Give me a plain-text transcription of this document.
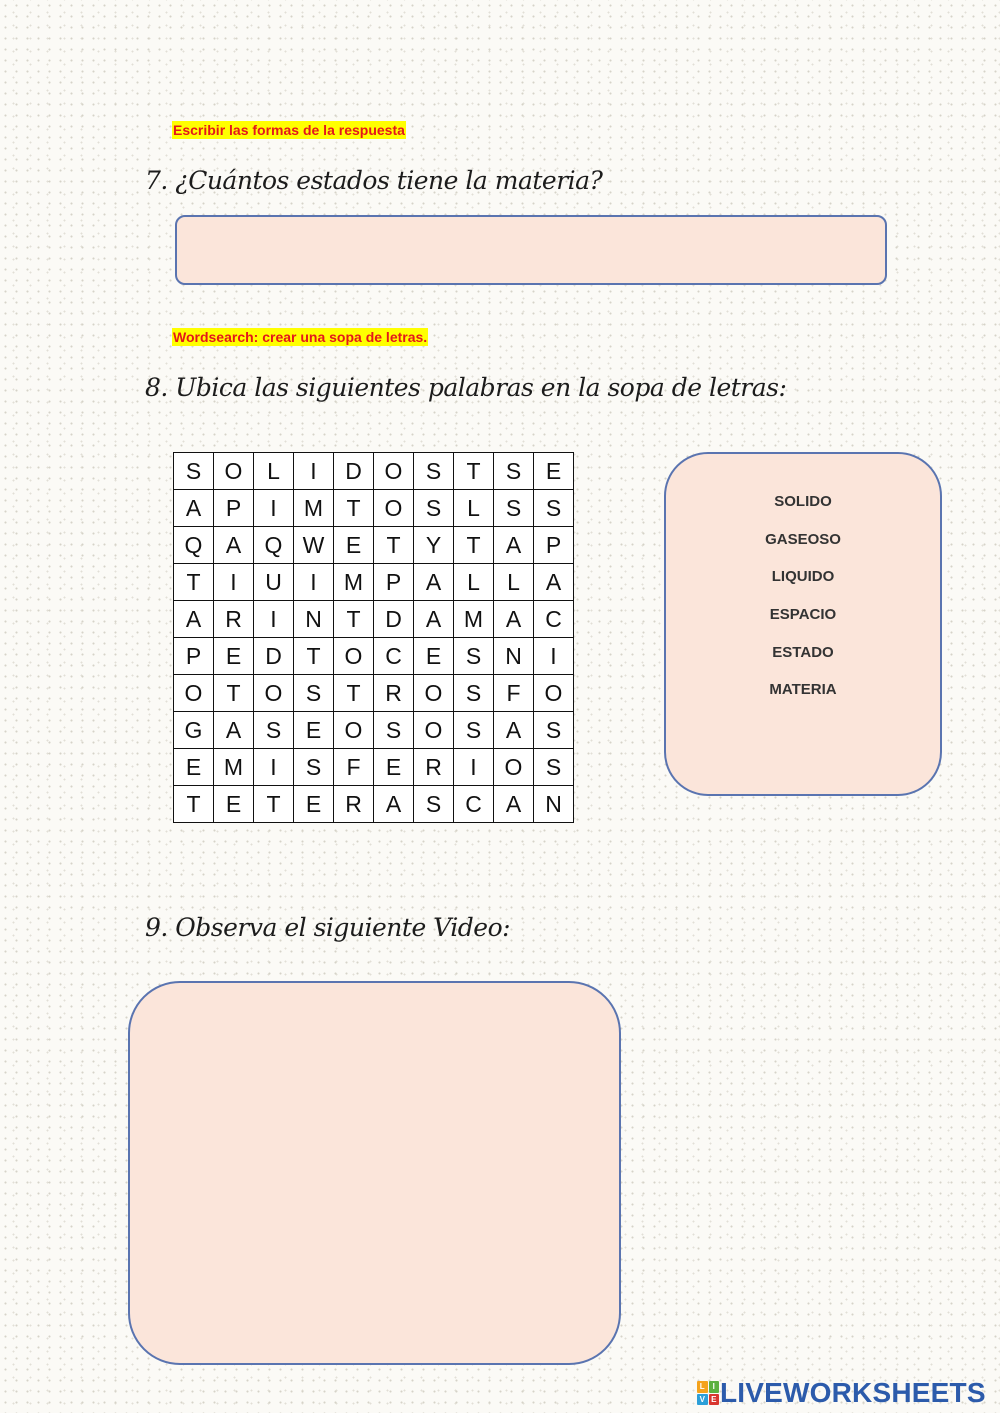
Escribir las formas de la respuesta
7. ¿Cuántos estados tiene la materia?
Wordsearch: crear una sopa de letras.
8. Ubica las siguientes palabras en la sopa de letras:
S	O	L	I	D	O	S	T	S	E
A	P	I	M	T	O	S	L	S	S
Q	A	Q	W	E	T	Y	T	A	P
T	I	U	I	M	P	A	L	L	A
A	R	I	N	T	D	A	M	A	C
P	E	D	T	O	C	E	S	N	I
O	T	O	S	T	R	O	S	F	O
G	A	S	E	O	S	O	S	A	S
E	M	I	S	F	E	R	I	O	S
T	E	T	E	R	A	S	C	A	N
SOLIDO
GASEOSO
LIQUIDO
ESPACIO
ESTADO
MATERIA
9. Observa el siguiente Video:
L I
V E LIVEWORKSHEETS
